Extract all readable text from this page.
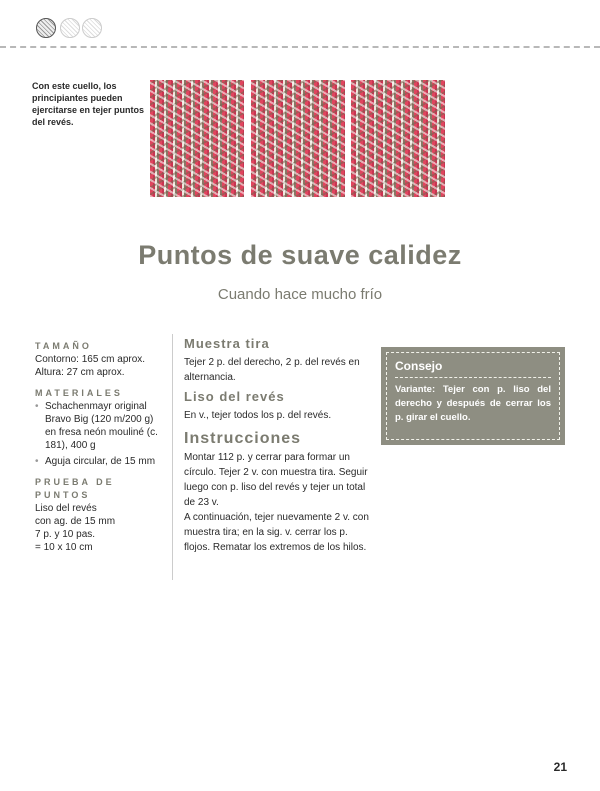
Con este cuello, los principiantes pueden ejercitarse en tejer puntos del revés.
Puntos de suave calidez
Cuando hace mucho frío
TAMAÑO
Contorno: 165 cm aprox.
Altura: 27 cm aprox.
MATERIALES
• Schachenmayr original Bravo Big (120 m/200 g) en fresa neón mouliné (c. 181), 400 g
• Aguja circular, de 15 mm
PRUEBA DE PUNTOS
Liso del revés
con ag. de 15 mm
7 p. y 10 pas.
= 10 x 10 cm
Muestra tira
Tejer 2 p. del derecho, 2 p. del revés en alternancia.
Liso del revés
En v., tejer todos los p. del revés.
Instrucciones
Montar 112 p. y cerrar para formar un círculo. Tejer 2 v. con muestra tira. Seguir luego con p. liso del revés y tejer un total de 23 v.
A continuación, tejer nuevamente 2 v. con muestra tira; en la sig. v. cerrar los p. flojos. Rematar los extremos de los hilos.
Consejo
Variante: Tejer con p. liso del derecho y después de cerrar los p. girar el cuello.
21
